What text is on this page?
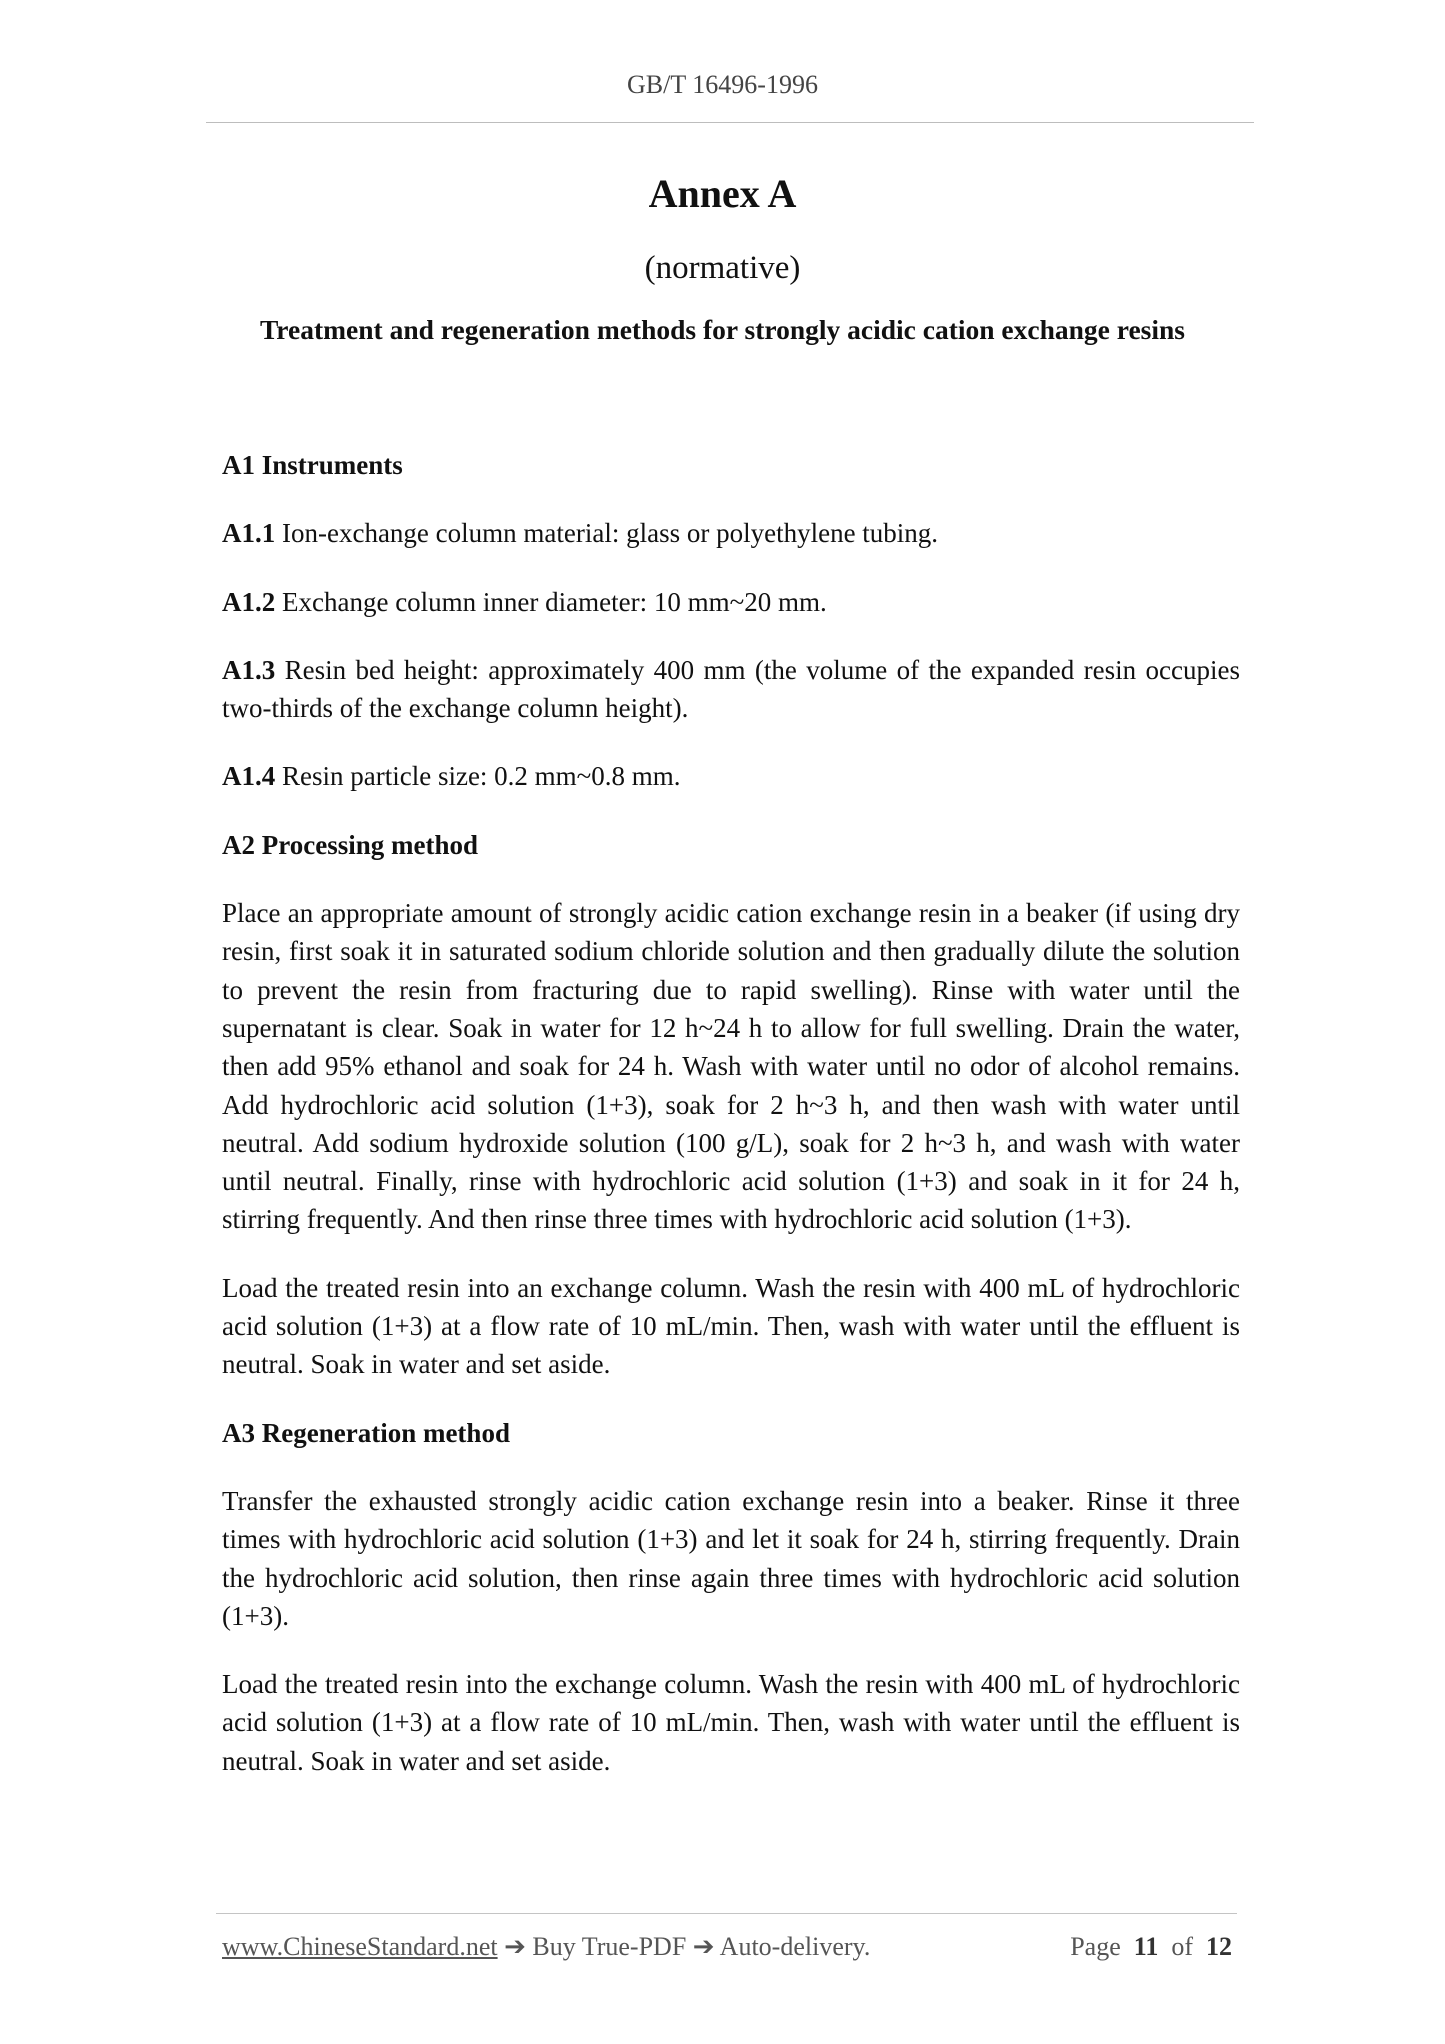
GB/T 16496-1996
Annex A
(normative)
Treatment and regeneration methods for strongly acidic cation exchange resins
A1 Instruments

A1.1 Ion-exchange column material: glass or polyethylene tubing.

A1.2 Exchange column inner diameter: 10 mm~20 mm.

A1.3 Resin bed height: approximately 400 mm (the volume of the expanded resin occupies two-thirds of the exchange column height).

A1.4 Resin particle size: 0.2 mm~0.8 mm.

A2 Processing method

Place an appropriate amount of strongly acidic cation exchange resin in a beaker (if using dry resin, first soak it in saturated sodium chloride solution and then gradually dilute the solution to prevent the resin from fracturing due to rapid swelling). Rinse with water until the supernatant is clear. Soak in water for 12 h~24 h to allow for full swelling. Drain the water, then add 95% ethanol and soak for 24 h. Wash with water until no odor of alcohol remains. Add hydrochloric acid solution (1+3), soak for 2 h~3 h, and then wash with water until neutral. Add sodium hydroxide solution (100 g/L), soak for 2 h~3 h, and wash with water until neutral. Finally, rinse with hydrochloric acid solution (1+3) and soak in it for 24 h, stirring frequently. And then rinse three times with hydrochloric acid solution (1+3).

Load the treated resin into an exchange column. Wash the resin with 400 mL of hydrochloric acid solution (1+3) at a flow rate of 10 mL/min. Then, wash with water until the effluent is neutral. Soak in water and set aside.

A3 Regeneration method

Transfer the exhausted strongly acidic cation exchange resin into a beaker. Rinse it three times with hydrochloric acid solution (1+3) and let it soak for 24 h, stirring frequently. Drain the hydrochloric acid solution, then rinse again three times with hydrochloric acid solution (1+3).

Load the treated resin into the exchange column. Wash the resin with 400 mL of hydrochloric acid solution (1+3) at a flow rate of 10 mL/min. Then, wash with water until the effluent is neutral. Soak in water and set aside.

www.ChineseStandard.net ➔ Buy True-PDF ➔ Auto-delivery.	Page 11 of 12
